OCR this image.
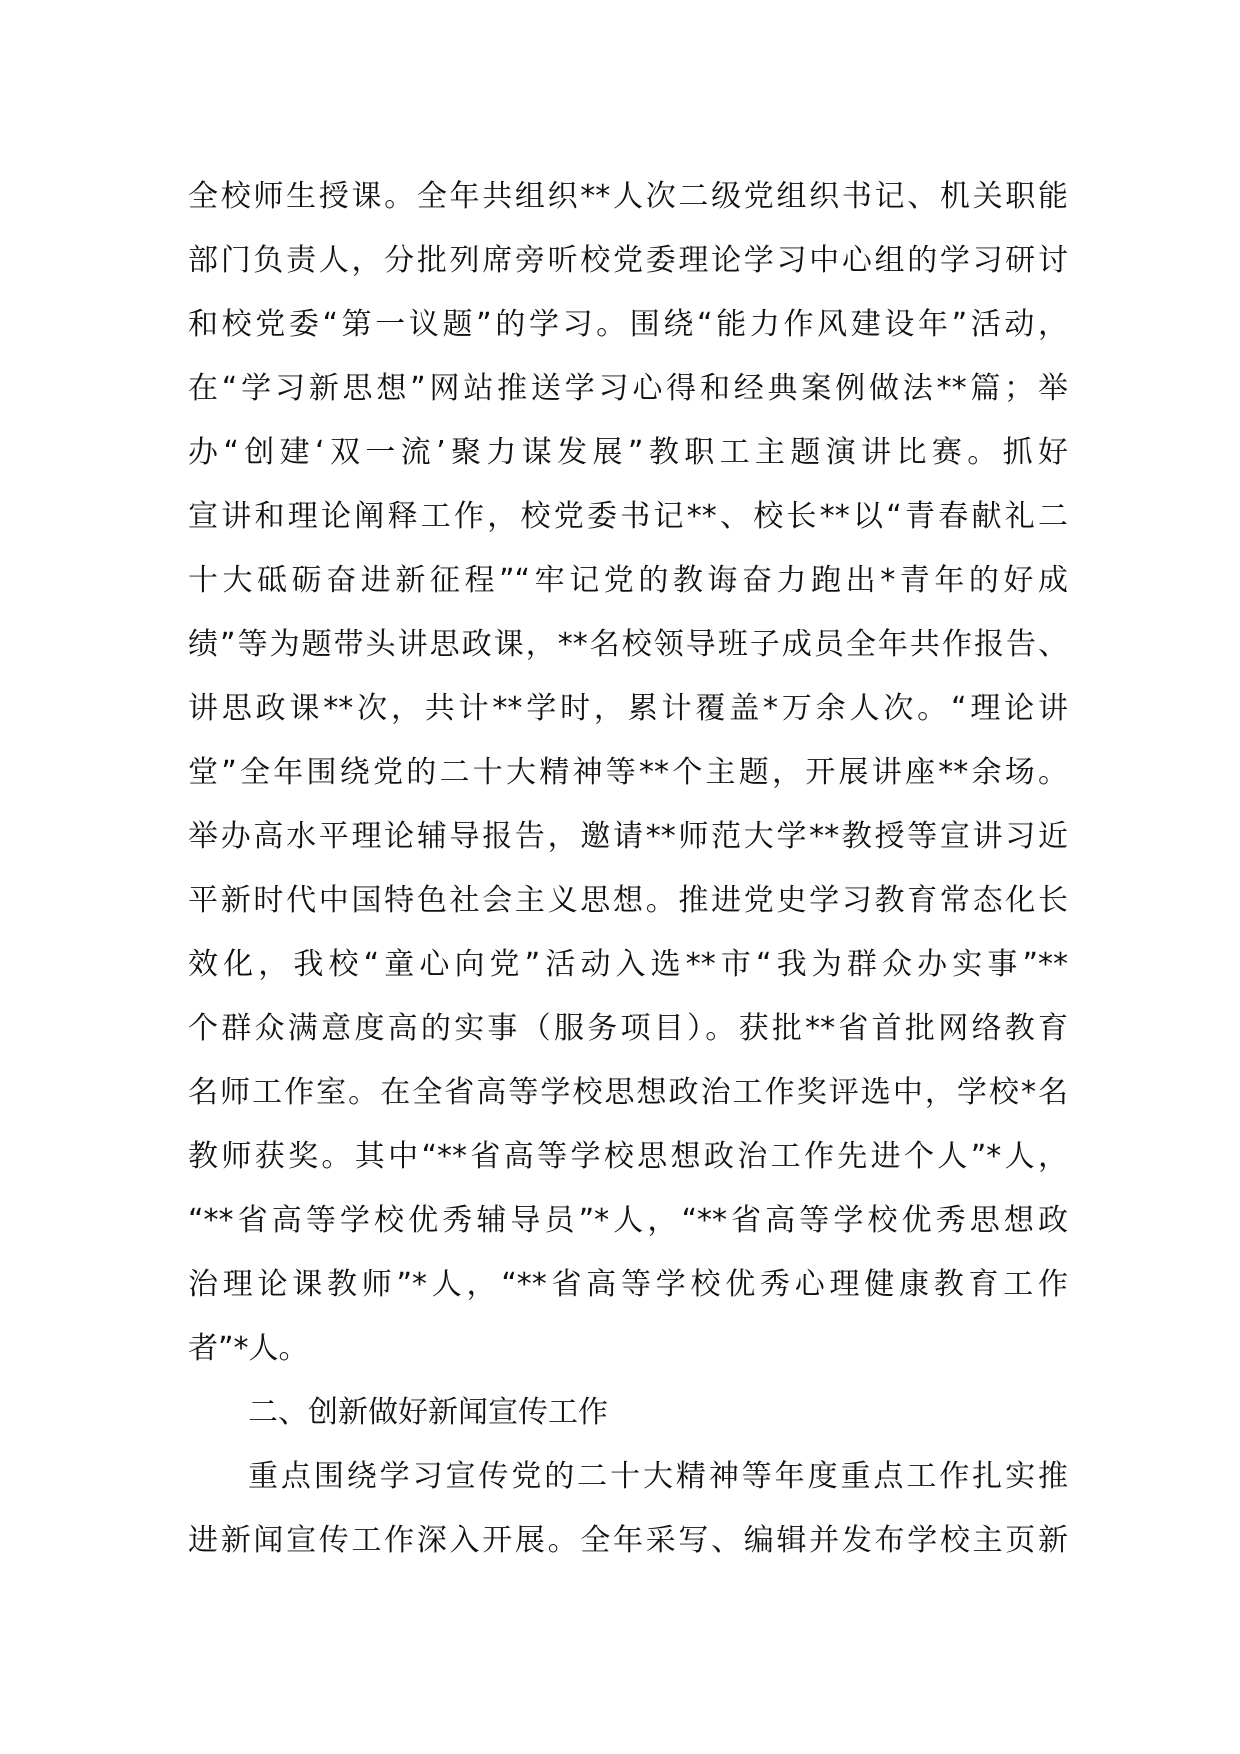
全校师生授课。全年共组织**人次二级党组织书记、机关职能
部门负责人，分批列席旁听校党委理论学习中心组的学习研讨
和校党委“第一议题”的学习。围绕“能力作风建设年”活动，
在“学习新思想”网站推送学习心得和经典案例做法**篇；举
办“创建‘双一流’聚力谋发展”教职工主题演讲比赛。抓好
宣讲和理论阐释工作，校党委书记**、校长**以“青春献礼二
十大砥砺奋进新征程”“牢记党的教诲奋力跑出*青年的好成
绩”等为题带头讲思政课，**名校领导班子成员全年共作报告、
讲思政课**次，共计**学时，累计覆盖*万余人次。“理论讲
堂”全年围绕党的二十大精神等**个主题，开展讲座**余场。
举办高水平理论辅导报告，邀请**师范大学**教授等宣讲习近
平新时代中国特色社会主义思想。推进党史学习教育常态化长
效化，我校“童心向党”活动入选**市“我为群众办实事”**
个群众满意度高的实事（服务项目）。获批**省首批网络教育
名师工作室。在全省高等学校思想政治工作奖评选中，学校*名
教师获奖。其中“**省高等学校思想政治工作先进个人”*人，
“**省高等学校优秀辅导员”*人，“**省高等学校优秀思想政
治理论课教师”*人，“**省高等学校优秀心理健康教育工作
者”*人。
二、创新做好新闻宣传工作
重点围绕学习宣传党的二十大精神等年度重点工作扎实推
进新闻宣传工作深入开展。全年采写、编辑并发布学校主页新
